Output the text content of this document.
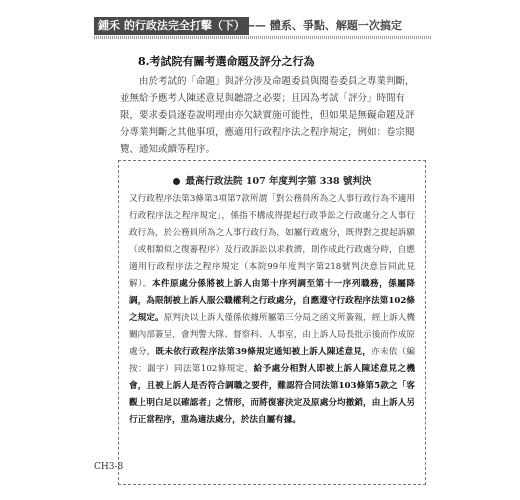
鍾禾 的行政法完全打擊（下） —— 體系、爭點、解題一次搞定

8.考試院有關考選命題及評分之行為

由於考試的「命題」與評分涉及命題委員與閱卷委員之專業判斷，並無給予應考人陳述意見與聽證之必要；且因為考試「評分」時間有限，要求委員逐卷說明理由亦欠缺實施可能性，但如果是無礙命題及評分專業判斷之其他事項，應適用行政程序法之程序規定，例如：卷宗閱覽、通知或續等程序。

最高行政法院 107 年度判字第 338 號判決

又行政程序法第3條第3項第7款所謂「對公務員所為之人事行政行為不適用行政程序法之程序規定」，係指不構成得提起行政爭訟之行政處分之人事行政行為，於公務員所為之人事行政行為，如屬行政處分，既得對之提起訴願（或相類似之復審程序）及行政訴訟以求救濟，則作成此行政處分時，自應適用行政程序法之程序規定（本院99年度判字第218號判決意旨同此見解）。本件原處分係將被上訴人由第十序列調至第十一序列職務，係屬降調，為限制被上訴人服公職權利之行政處分，自應遵守行政程序法第102條之規定。原判決以上訴人僅係依據所屬第三分局之函文所簽報，經上訴人機關內部簽呈，會判警大隊、督察科、人事室，由上訴人局長批示後而作成原處分，既未依行政程序法第39條規定通知被上訴人陳述意見，亦未依（編按：漏字）同法第102條規定，給予處分相對人即被上訴人陳述意見之機會，且被上訴人是否符合調職之要件，難認符合同法第103條第5款之「客觀上明白足以確認者」之情形，而將復審決定及原處分均撤銷，由上訴人另行正當程序，重為適法處分，於法自屬有據。

CH3-8
